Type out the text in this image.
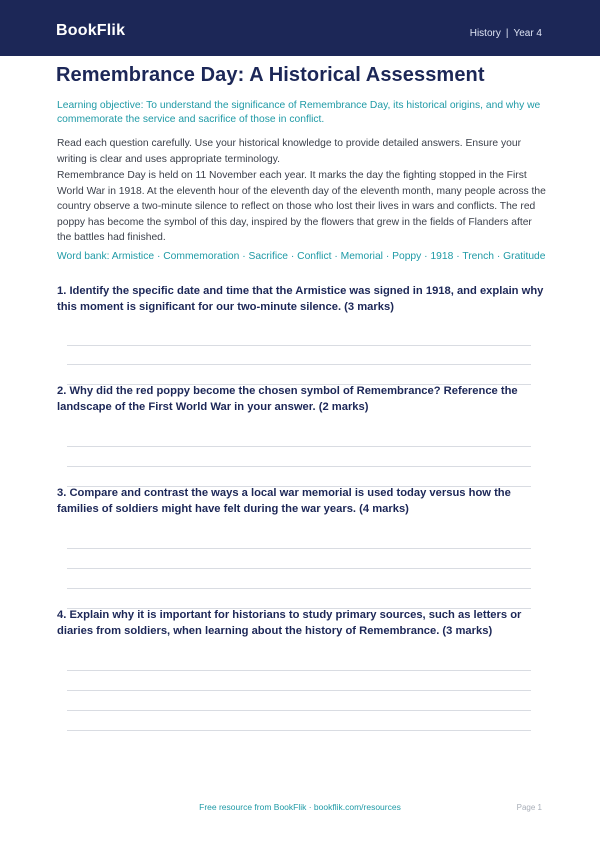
BookFlik	History | Year 4
Remembrance Day: A Historical Assessment

Learning objective: To understand the significance of Remembrance Day, its historical origins, and why we commemorate the service and sacrifice of those in conflict.

Read each question carefully. Use your historical knowledge to provide detailed answers. Ensure your writing is clear and uses appropriate terminology.

Remembrance Day is held on 11 November each year. It marks the day the fighting stopped in the First World War in 1918. At the eleventh hour of the eleventh day of the eleventh month, many people across the country observe a two-minute silence to reflect on those who lost their lives in wars and conflicts. The red poppy has become the symbol of this day, inspired by the flowers that grew in the fields of Flanders after the battles had finished.

Word bank: Armistice · Commemoration · Sacrifice · Conflict · Memorial · Poppy · 1918 · Trench · Gratitude

1. Identify the specific date and time that the Armistice was signed in 1918, and explain why this moment is significant for our two-minute silence. (3 marks)

2. Why did the red poppy become the chosen symbol of Remembrance? Reference the landscape of the First World War in your answer. (2 marks)

3. Compare and contrast the ways a local war memorial is used today versus how the families of soldiers might have felt during the war years. (4 marks)

4. Explain why it is important for historians to study primary sources, such as letters or diaries from soldiers, when learning about the history of Remembrance. (3 marks)

Free resource from BookFlik · bookflik.com/resources	Page 1
